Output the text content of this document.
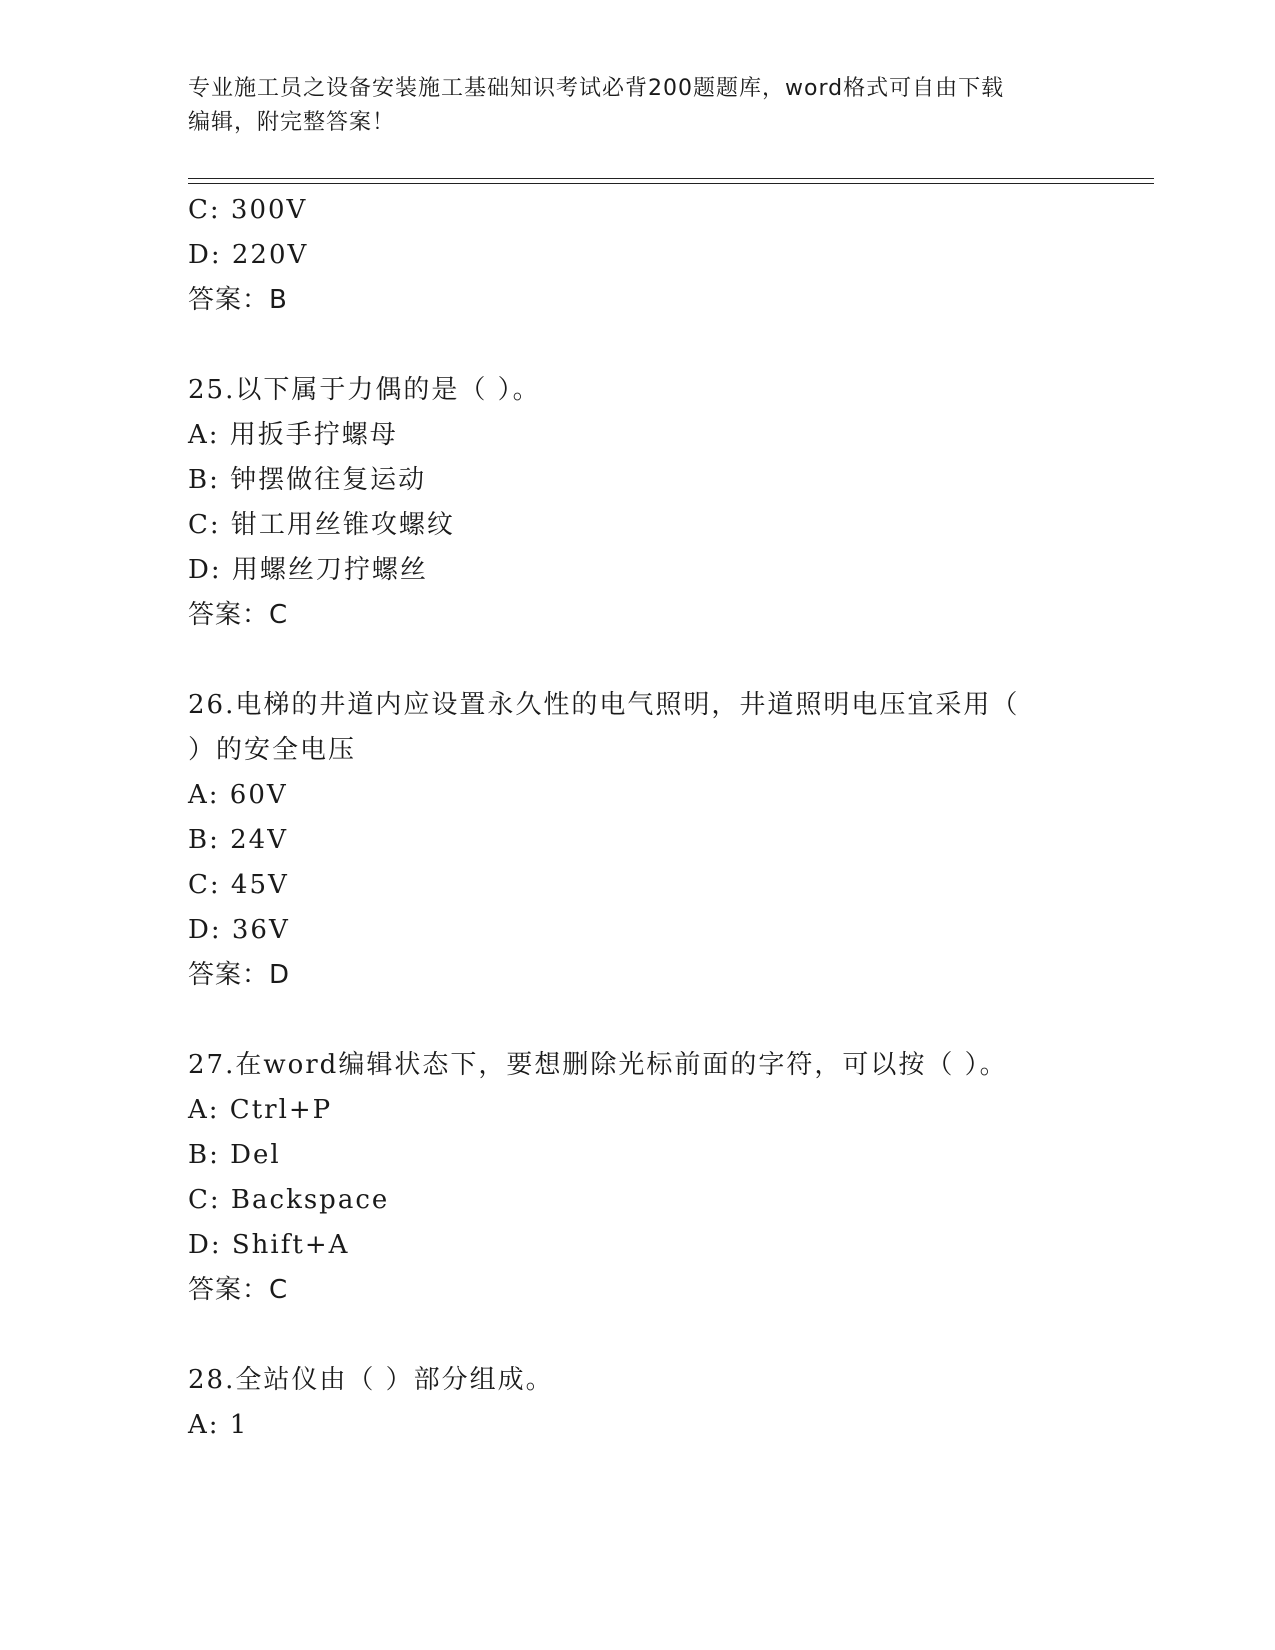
专业施工员之设备安装施工基础知识考试必背200题题库，word格式可自由下载
编辑，附完整答案！
C: 300V
D: 220V
答案：B
25.以下属于力偶的是（ ）。
A: 用扳手拧螺母
B: 钟摆做往复运动
C: 钳工用丝锥攻螺纹
D: 用螺丝刀拧螺丝
答案：C
26.电梯的井道内应设置永久性的电气照明，井道照明电压宜采用（
）的安全电压
A: 60V
B: 24V
C: 45V
D: 36V
答案：D
27.在word编辑状态下，要想删除光标前面的字符，可以按（ ）。
A: Ctrl+P
B: Del
C: Backspace
D: Shift+A
答案：C
28.全站仪由（ ）部分组成。
A: 1
